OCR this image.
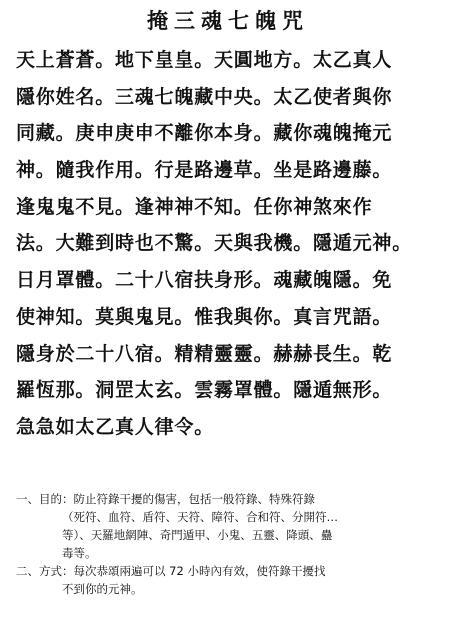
掩三魂七魄咒
天上蒼蒼。地下皇皇。天圓地方。太乙真人
隱你姓名。三魂七魄藏中央。太乙使者與你
同藏。庚申庚申不離你本身。藏你魂魄掩元
神。隨我作用。行是路邊草。坐是路邊藤。
逢鬼鬼不見。逢神神不知。任你神煞來作
法。大難到時也不驚。天與我機。隱遁元神。
日月罩體。二十八宿扶身形。魂藏魄隱。免
使神知。莫與鬼見。惟我與你。真言咒語。
隱身於二十八宿。精精靈靈。赫赫長生。乾
羅恆那。洞罡太玄。雲霧罩體。隱遁無形。
急急如太乙真人律令。
一、目的：防止符錄干擾的傷害，包括一般符錄、特殊符錄
（死符、血符、盾符、天符、障符、合和符、分開符…
等）、天羅地網陣、奇門遁甲、小鬼、五靈、降頭、蠱
毒等。
二、方式：每次恭頌兩遍可以 72 小時內有效，使符錄干擾找
不到你的元神。
